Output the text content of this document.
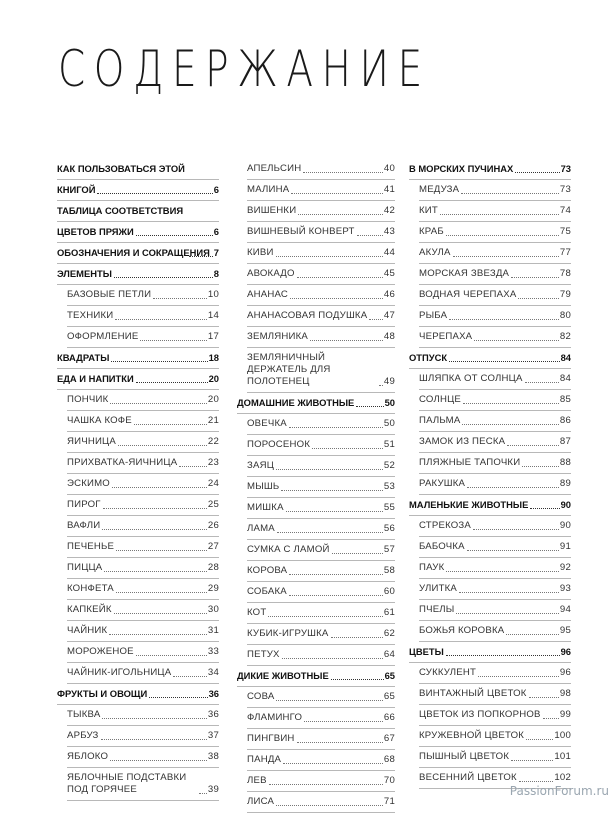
СОДЕРЖАНИЕ
КАК ПОЛЬЗОВАТЬСЯ ЭТОЙ
КНИГОЙ	6
ТАБЛИЦА СООТВЕТСТВИЯ
ЦВЕТОВ ПРЯЖИ	6
ОБОЗНАЧЕНИЯ И СОКРАЩЕНИЯ 7
ЭЛЕМЕНТЫ	8
БАЗОВЫЕ ПЕТЛИ	10
ТЕХНИКИ	14
ОФОРМЛЕНИЕ	17
КВАДРАТЫ	18
ЕДА И НАПИТКИ	20
ПОНЧИК	20
ЧАШКА КОФЕ	21
ЯИЧНИЦА	22
ПРИХВАТКА-ЯИЧНИЦА	23
ЭСКИМО	24
ПИРОГ	25
ВАФЛИ	26
ПЕЧЕНЬЕ	27
ПИЦЦА	28
КОНФЕТА	29
КАПКЕЙК	30
ЧАЙНИК	31
МОРОЖЕНОЕ	33
ЧАЙНИК-ИГОЛЬНИЦА	34
ФРУКТЫ И ОВОЩИ	36
ТЫКВА	36
АРБУЗ	37
ЯБЛОКО	38
ЯБЛОЧНЫЕ ПОДСТАВКИ ПОД ГОРЯЧЕЕ	39
АПЕЛЬСИН	40
МАЛИНА	41
ВИШЕНКИ	42
ВИШНЕВЫЙ КОНВЕРТ	43
КИВИ	44
АВОКАДО	45
АНАНАС	46
АНАНАСОВАЯ ПОДУШКА 47
ЗЕМЛЯНИКА	48
ЗЕМЛЯНИЧНЫЙ ДЕРЖАТЕЛЬ ДЛЯ ПОЛОТЕНЕЦ	49
ДОМАШНИЕ ЖИВОТНЫЕ	50
ОВЕЧКА	50
ПОРОСЕНОК	51
ЗАЯЦ	52
МЫШЬ	53
МИШКА	55
ЛАМА	56
СУМКА С ЛАМОЙ	57
КОРОВА	58
СОБАКА	60
КОТ	61
КУБИК-ИГРУШКА	62
ПЕТУХ	64
ДИКИЕ ЖИВОТНЫЕ	65
СОВА	65
ФЛАМИНГО	66
ПИНГВИН	67
ПАНДА	68
ЛЕВ	70
ЛИСА	71
В МОРСКИХ ПУЧИНАХ	73
МЕДУЗА	73
КИТ	74
КРАБ	75
АКУЛА	77
МОРСКАЯ ЗВЕЗДА	78
ВОДНАЯ ЧЕРЕПАХА	79
РЫБА	80
ЧЕРЕПАХА	82
ОТПУСК	84
ШЛЯПКА ОТ СОЛНЦА	84
СОЛНЦЕ	85
ПАЛЬМА	86
ЗАМОК ИЗ ПЕСКА	87
ПЛЯЖНЫЕ ТАПОЧКИ	88
РАКУШКА	89
МАЛЕНЬКИЕ ЖИВОТНЫЕ	90
СТРЕКОЗА	90
БАБОЧКА	91
ПАУК	92
УЛИТКА	93
ПЧЕЛЫ	94
БОЖЬЯ КОРОВКА	95
ЦВЕТЫ	96
СУККУЛЕНТ	96
ВИНТАЖНЫЙ ЦВЕТОК	98
ЦВЕТОК ИЗ ПОПКОРНОВ 99
КРУЖЕВНОЙ ЦВЕТОК	100
ПЫШНЫЙ ЦВЕТОК	101
ВЕСЕННИЙ ЦВЕТОК	102
PassionForum.ru
